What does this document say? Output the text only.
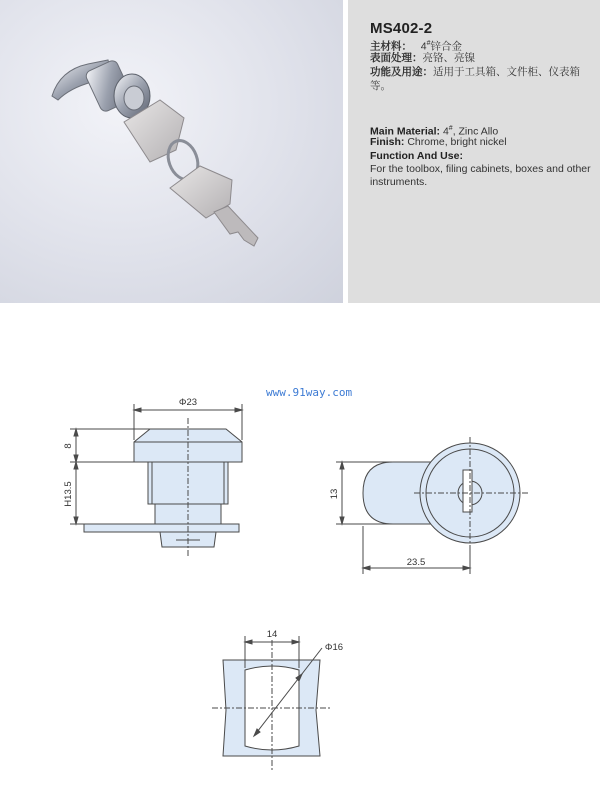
MS402-2
主材料： 4#锌合金
表面处理：亮铬、亮镍
功能及用途：适用于工具箱、文件柜、仪表箱等。
Main Material: 4#, Zinc Allo
Finish: Chrome, bright nickel
Function And Use:
For the toolbox, filing cabinets, boxes and other instruments.
www.91way.com
Φ23
8
H13.5	13
23.5
14
Φ16
